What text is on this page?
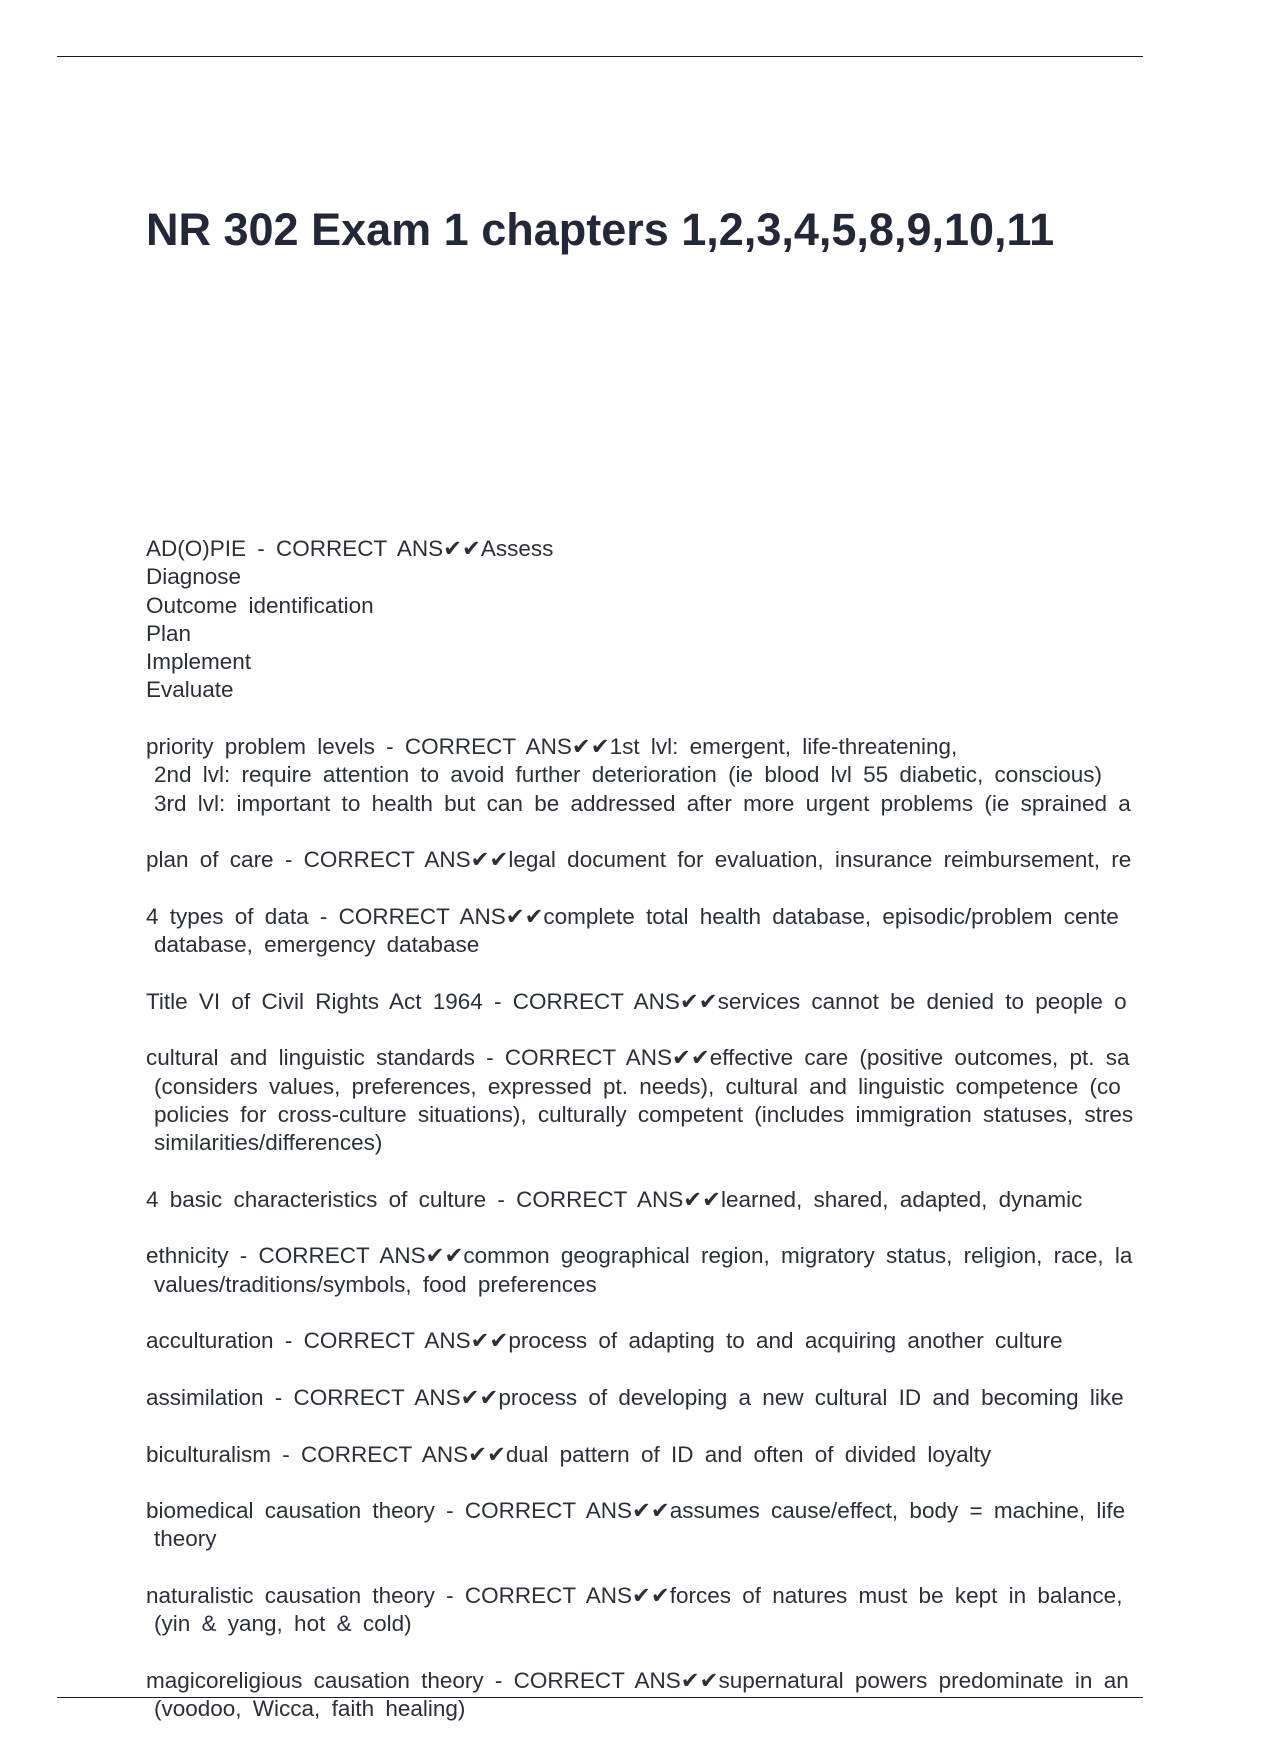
NR 302 Exam 1 chapters 1,2,3,4,5,8,9,10,11
AD(O)PIE - CORRECT ANS✔✔Assess
Diagnose
Outcome identification
Plan
Implement
Evaluate
priority problem levels - CORRECT ANS✔✔1st lvl: emergent, life-threatening,
2nd lvl: require attention to avoid further deterioration (ie blood lvl 55 diabetic, conscious)
3rd lvl: important to health but can be addressed after more urgent problems (ie sprained a
plan of care - CORRECT ANS✔✔legal document for evaluation, insurance reimbursement, re
4 types of data - CORRECT ANS✔✔complete total health database, episodic/problem cente
database, emergency database
Title VI of Civil Rights Act 1964 - CORRECT ANS✔✔services cannot be denied to people o
cultural and linguistic standards - CORRECT ANS✔✔effective care (positive outcomes, pt. sa
(considers values, preferences, expressed pt. needs), cultural and linguistic competence (co
policies for cross-culture situations), culturally competent (includes immigration statuses, stres
similarities/differences)
4 basic characteristics of culture - CORRECT ANS✔✔learned, shared, adapted, dynamic
ethnicity - CORRECT ANS✔✔common geographical region, migratory status, religion, race, la
values/traditions/symbols, food preferences
acculturation - CORRECT ANS✔✔process of adapting to and acquiring another culture
assimilation - CORRECT ANS✔✔process of developing a new cultural ID and becoming like
biculturalism - CORRECT ANS✔✔dual pattern of ID and often of divided loyalty
biomedical causation theory - CORRECT ANS✔✔assumes cause/effect, body = machine, life
theory
naturalistic causation theory - CORRECT ANS✔✔forces of natures must be kept in balance,
(yin & yang, hot & cold)
magicoreligious causation theory - CORRECT ANS✔✔supernatural powers predominate in an
(voodoo, Wicca, faith healing)
